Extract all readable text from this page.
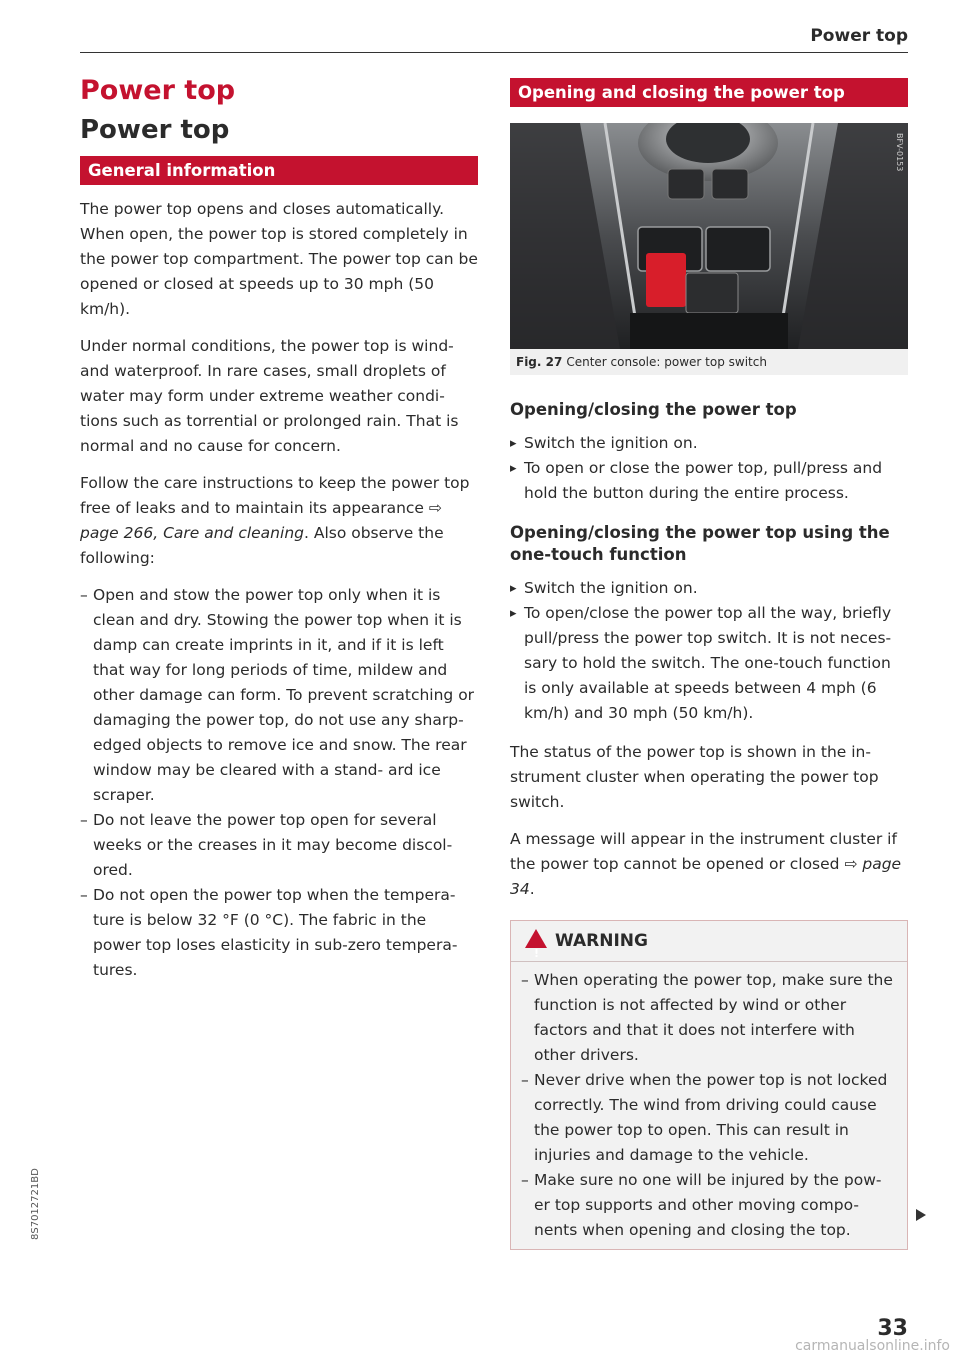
Power top
Power top
Power top
General information

The power top opens and closes automatically. When open, the power top is stored completely in the power top compartment. The power top can be opened or closed at speeds up to 30 mph (50 km/h).

Under normal conditions, the power top is wind- and waterproof. In rare cases, small droplets of water may form under extreme weather condi- tions such as torrential or prolonged rain. That is normal and no cause for concern.

Follow the care instructions to keep the power top free of leaks and to maintain its appearance ⇨ page 266, Care and cleaning. Also observe the following:

– Open and stow the power top only when it is clean and dry. Stowing the power top when it is damp can create imprints in it, and if it is left that way for long periods of time, mildew and other damage can form. To prevent scratching or damaging the power top, do not use any sharp-edged objects to remove ice and snow. The rear window may be cleared with a stand- ard ice scraper.
– Do not leave the power top open for several weeks or the creases in it may become discol- ored.
– Do not open the power top when the tempera- ture is below 32 °F (0 °C). The fabric in the power top loses elasticity in sub-zero tempera- tures.
Opening and closing the power top
BFV-0153
Fig. 27 Center console: power top switch

Opening/closing the power top

▸ Switch the ignition on.
▸ To open or close the power top, pull/press and hold the button during the entire process.

Opening/closing the power top using the one-touch function

▸ Switch the ignition on.
▸ To open/close the power top all the way, briefly pull/press the power top switch. It is not neces- sary to hold the switch. The one-touch function is only available at speeds between 4 mph (6 km/h) and 30 mph (50 km/h).

The status of the power top is shown in the in- strument cluster when operating the power top switch.

A message will appear in the instrument cluster if the power top cannot be opened or closed ⇨ page 34.

!
WARNING
– When operating the power top, make sure the function is not affected by wind or other factors and that it does not interfere with other drivers.
– Never drive when the power top is not locked correctly. The wind from driving could cause the power top to open. This can result in injuries and damage to the vehicle.
– Make sure no one will be injured by the pow- er top supports and other moving compo- nents when opening and closing the top.
33
8S7012721BD
carmanualsonline.info
